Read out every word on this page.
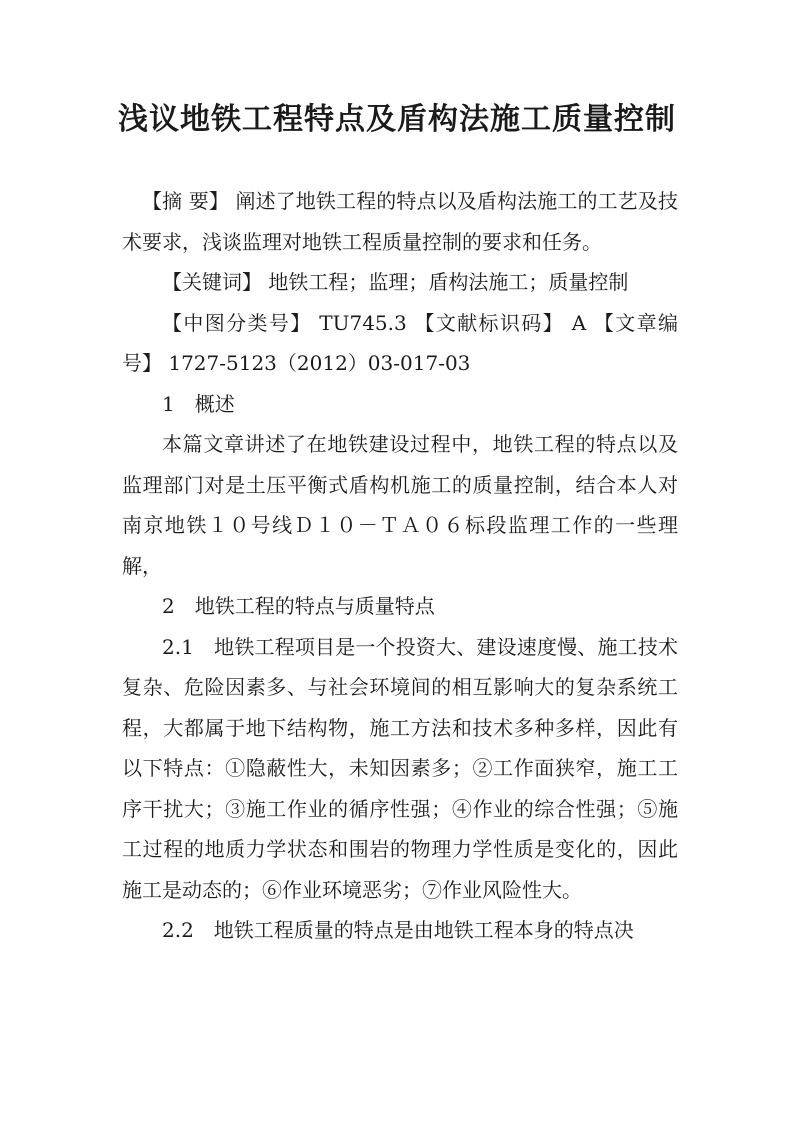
浅议地铁工程特点及盾构法施工质量控制

【摘 要】 阐述了地铁工程的特点以及盾构法施工的工艺及技术要求，浅谈监理对地铁工程质量控制的要求和任务。

【关键词】 地铁工程；监理；盾构法施工；质量控制

【中图分类号】 TU745.3 【文献标识码】 A 【文章编号】 1727-5123（2012）03-017-03

1　概述

本篇文章讲述了在地铁建设过程中，地铁工程的特点以及监理部门对是土压平衡式盾构机施工的质量控制，结合本人对南京地铁１０号线Ｄ１０－ＴＡ０６标段监理工作的一些理解，

2　地铁工程的特点与质量特点

2.1　地铁工程项目是一个投资大、建设速度慢、施工技术复杂、危险因素多、与社会环境间的相互影响大的复杂系统工程，大都属于地下结构物，施工方法和技术多种多样，因此有以下特点：①隐蔽性大，未知因素多；②工作面狭窄，施工工序干扰大；③施工作业的循序性强；④作业的综合性强；⑤施工过程的地质力学状态和围岩的物理力学性质是变化的，因此施工是动态的；⑥作业环境恶劣；⑦作业风险性大。

2.2　地铁工程质量的特点是由地铁工程本身的特点决
